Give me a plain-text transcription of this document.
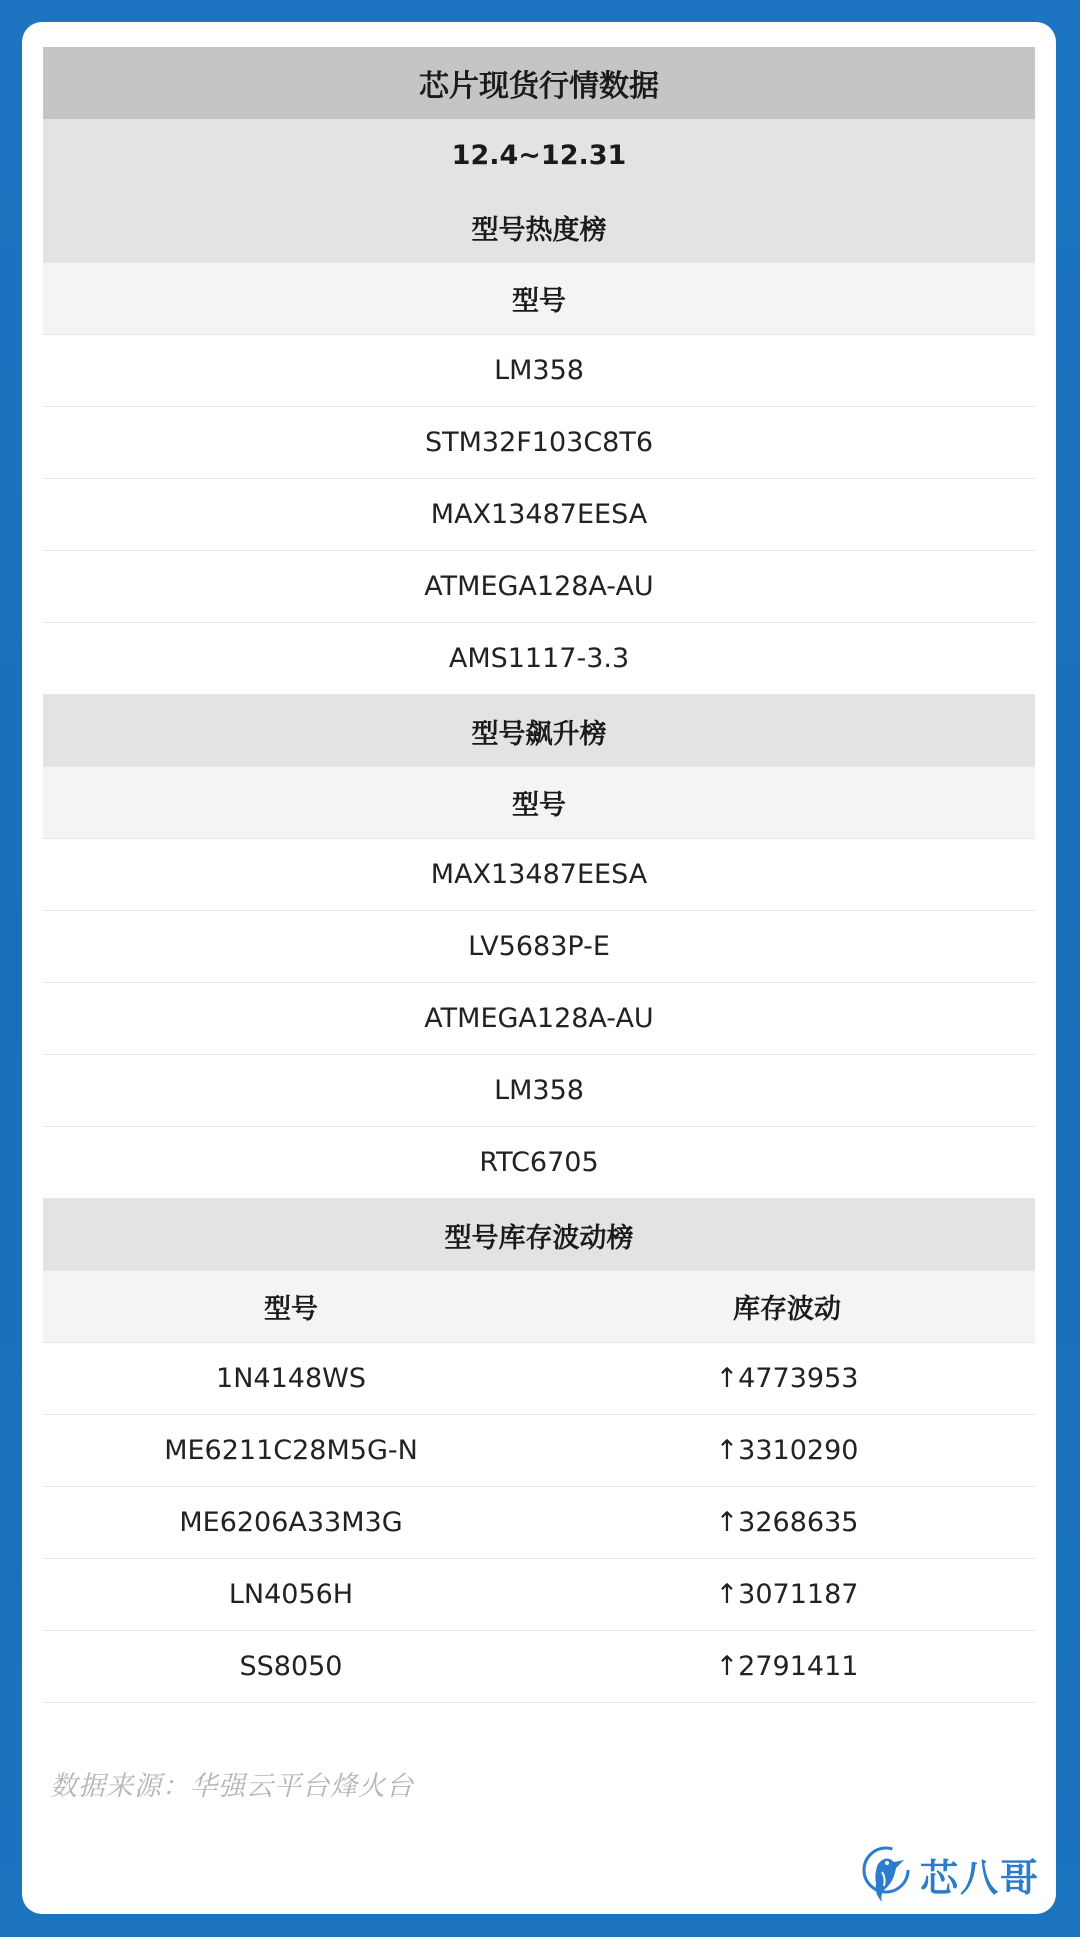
芯片现货行情数据
12.4~12.31
型号热度榜
型号
LM358
STM32F103C8T6
MAX13487EESA
ATMEGA128A-AU
AMS1117-3.3
型号飙升榜
型号
MAX13487EESA
LV5683P-E
ATMEGA128A-AU
LM358
RTC6705
型号库存波动榜
型号	库存波动
1N4148WS	↑4773953
ME6211C28M5G-N	↑3310290
ME6206A33M3G	↑3268635
LN4056H	↑3071187
SS8050	↑2791411
数据来源：华强云平台烽火台
芯八哥
